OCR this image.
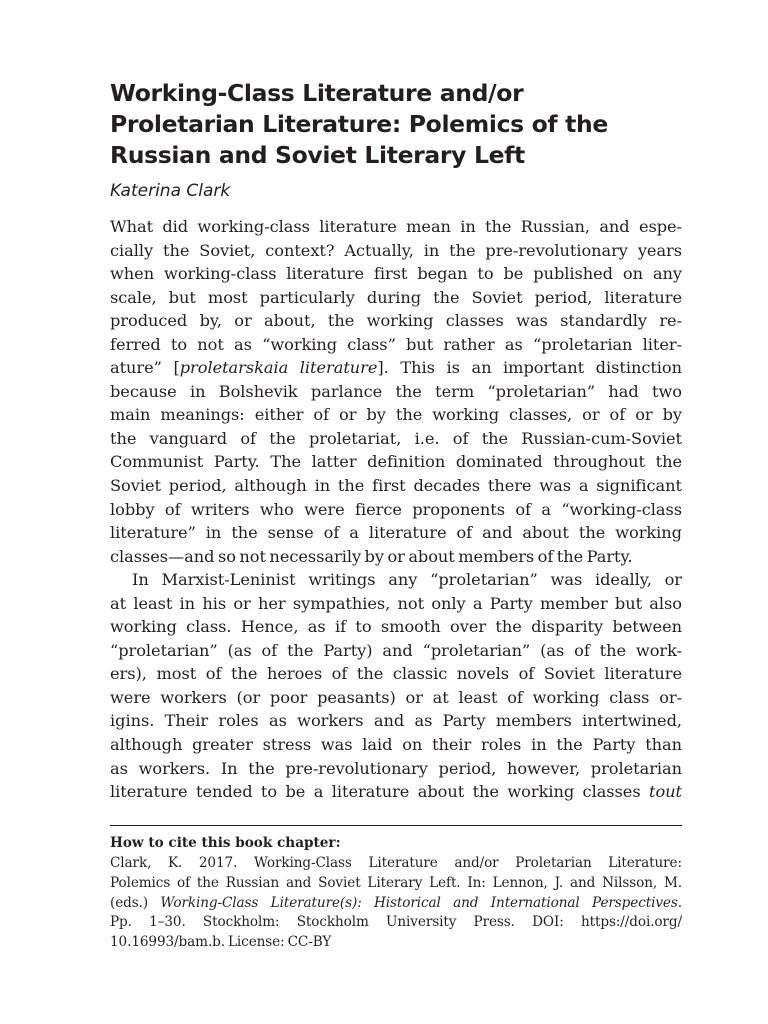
Working-Class Literature and/or
Proletarian Literature: Polemics of the
Russian and Soviet Literary Left
Katerina Clark
What did working-class literature mean in the Russian, and espe-
cially the Soviet, context? Actually, in the pre-revolutionary years
when working-class literature first began to be published on any
scale, but most particularly during the Soviet period, literature
produced by, or about, the working classes was standardly re-
ferred to not as “working class” but rather as “proletarian liter-
ature” [proletarskaia literature]. This is an important distinction
because in Bolshevik parlance the term “proletarian” had two
main meanings: either of or by the working classes, or of or by
the vanguard of the proletariat, i.e. of the Russian-cum-Soviet
Communist Party. The latter definition dominated throughout the
Soviet period, although in the first decades there was a significant
lobby of writers who were fierce proponents of a “working-class
literature” in the sense of a literature of and about the working
classes—and so not necessarily by or about members of the Party.
In Marxist-Leninist writings any “proletarian” was ideally, or
at least in his or her sympathies, not only a Party member but also
working class. Hence, as if to smooth over the disparity between
“proletarian” (as of the Party) and “proletarian” (as of the work-
ers), most of the heroes of the classic novels of Soviet literature
were workers (or poor peasants) or at least of working class or-
igins. Their roles as workers and as Party members intertwined,
although greater stress was laid on their roles in the Party than
as workers. In the pre-revolutionary period, however, proletarian
literature tended to be a literature about the working classes tout
How to cite this book chapter:
Clark, K. 2017. Working-Class Literature and/or Proletarian Literature:
Polemics of the Russian and Soviet Literary Left. In: Lennon, J. and Nilsson, M.
(eds.) Working-Class Literature(s): Historical and International Perspectives.
Pp. 1–30. Stockholm: Stockholm University Press. DOI: https://doi.org/
10.16993/bam.b. License: CC-BY
